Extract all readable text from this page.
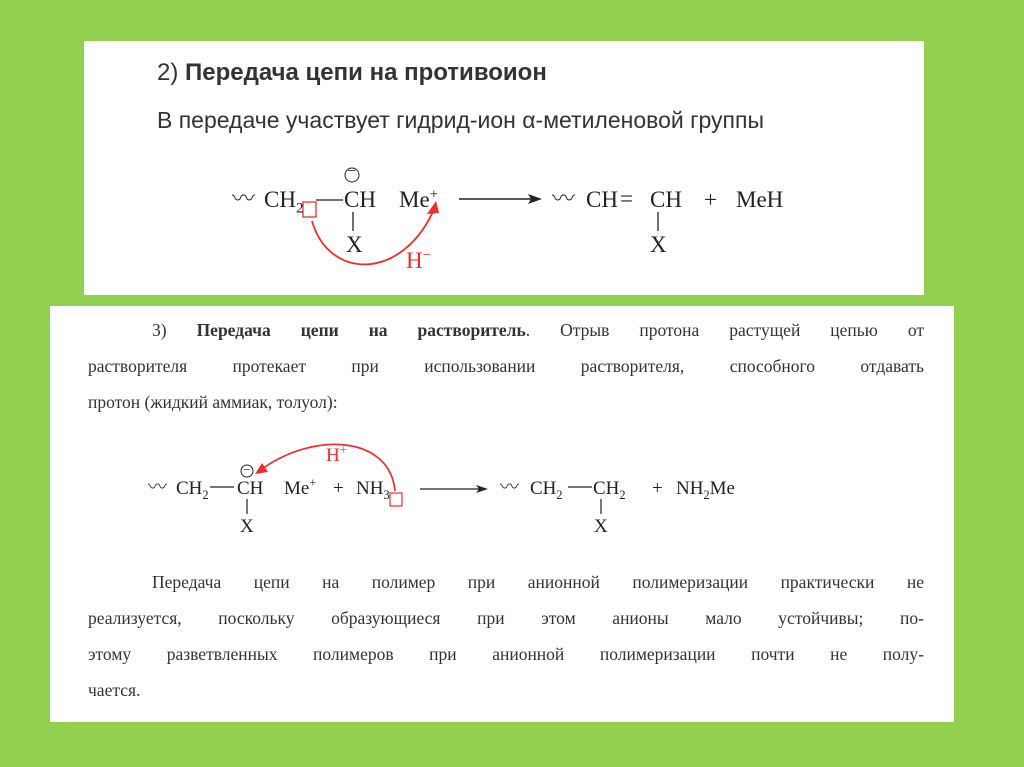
2) Передача цепи на противоион

В передаче участвует гидрид-ион α-метиленовой группы

〰 $CH_2$ CH
−
Me+
X
〰 CH = CH + MeH
X
H−
3) Передача цепи на растворитель. Отрыв протона растущей цепью от
растворителя протекает при использовании растворителя, способного отдавать
протон (жидкий аммиак, толуол):
〰 $CH_2$ CH
−
$Me^+ + NH_3$
X
〰 $CH_2$ $CH_2 + NH_2Me$
X
H+
Передача цепи на полимер при анионной полимеризации практически не
реализуется, поскольку образующиеся при этом анионы мало устойчивы; по-
этому разветвленных полимеров при анионной полимеризации почти не полу-
чается.
